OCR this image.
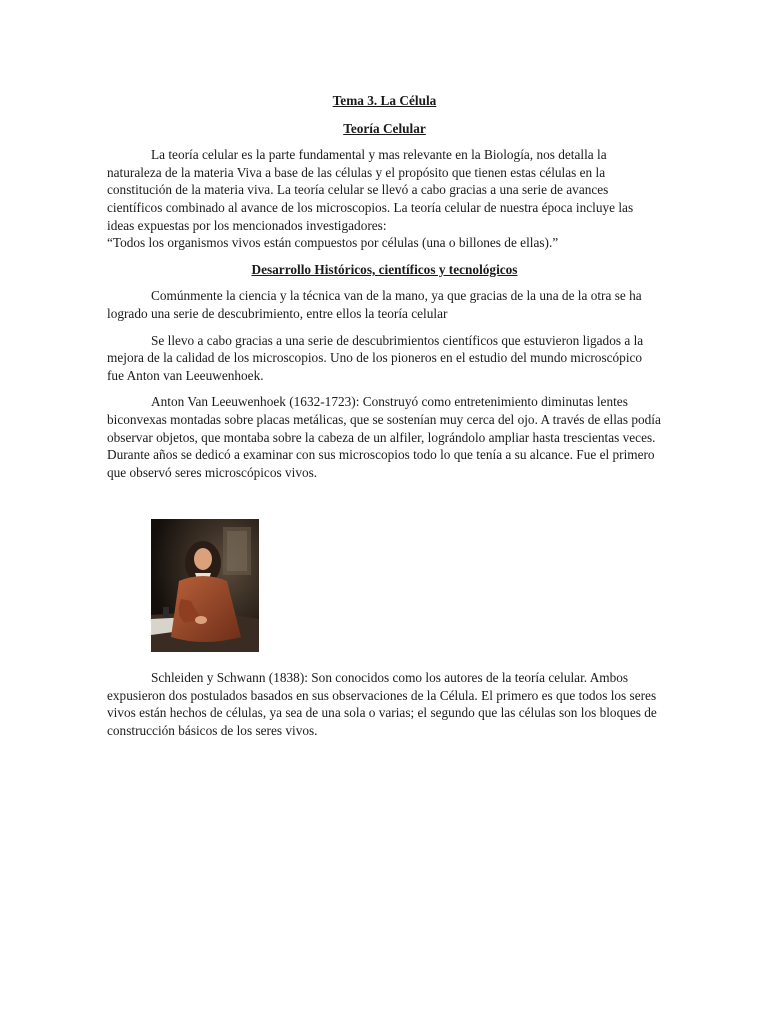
Tema 3. La Célula

Teoría Celular

La teoría celular es la parte fundamental y mas relevante en la Biología, nos detalla la naturaleza de la materia Viva a base de las células y el propósito que tienen estas células en la constitución de la materia viva. La teoría celular se llevó a cabo gracias a una serie de avances científicos combinado al avance de los microscopios. La teoría celular de nuestra época incluye las ideas expuestas por los mencionados investigadores:

“Todos los organismos vivos están compuestos por células (una o billones de ellas).”

Desarrollo Históricos, científicos y tecnológicos

Comúnmente la ciencia y la técnica van de la mano, ya que gracias de la una de la otra se ha logrado una serie de descubrimiento, entre ellos la teoría celular

Se llevo a cabo gracias a una serie de descubrimientos científicos que estuvieron ligados a la mejora de la calidad de los microscopios. Uno de los pioneros en el estudio del mundo microscópico fue Anton van Leeuwenhoek.

Anton Van Leeuwenhoek (1632-1723): Construyó como entretenimiento diminutas lentes biconvexas montadas sobre placas metálicas, que se sostenían muy cerca del ojo. A través de ellas podía observar objetos, que montaba sobre la cabeza de un alfiler, lográndolo ampliar hasta trescientas veces. Durante años se dedicó a examinar con sus microscopios todo lo que tenía a su alcance. Fue el primero que observó seres microscópicos vivos.

Schleiden y Schwann (1838): Son conocidos como los autores de la teoría celular. Ambos expusieron dos postulados basados en sus observaciones de la Célula. El primero es que todos los seres vivos están hechos de células, ya sea de una sola o varias; el segundo que las células son los bloques de construcción básicos de los seres vivos.
